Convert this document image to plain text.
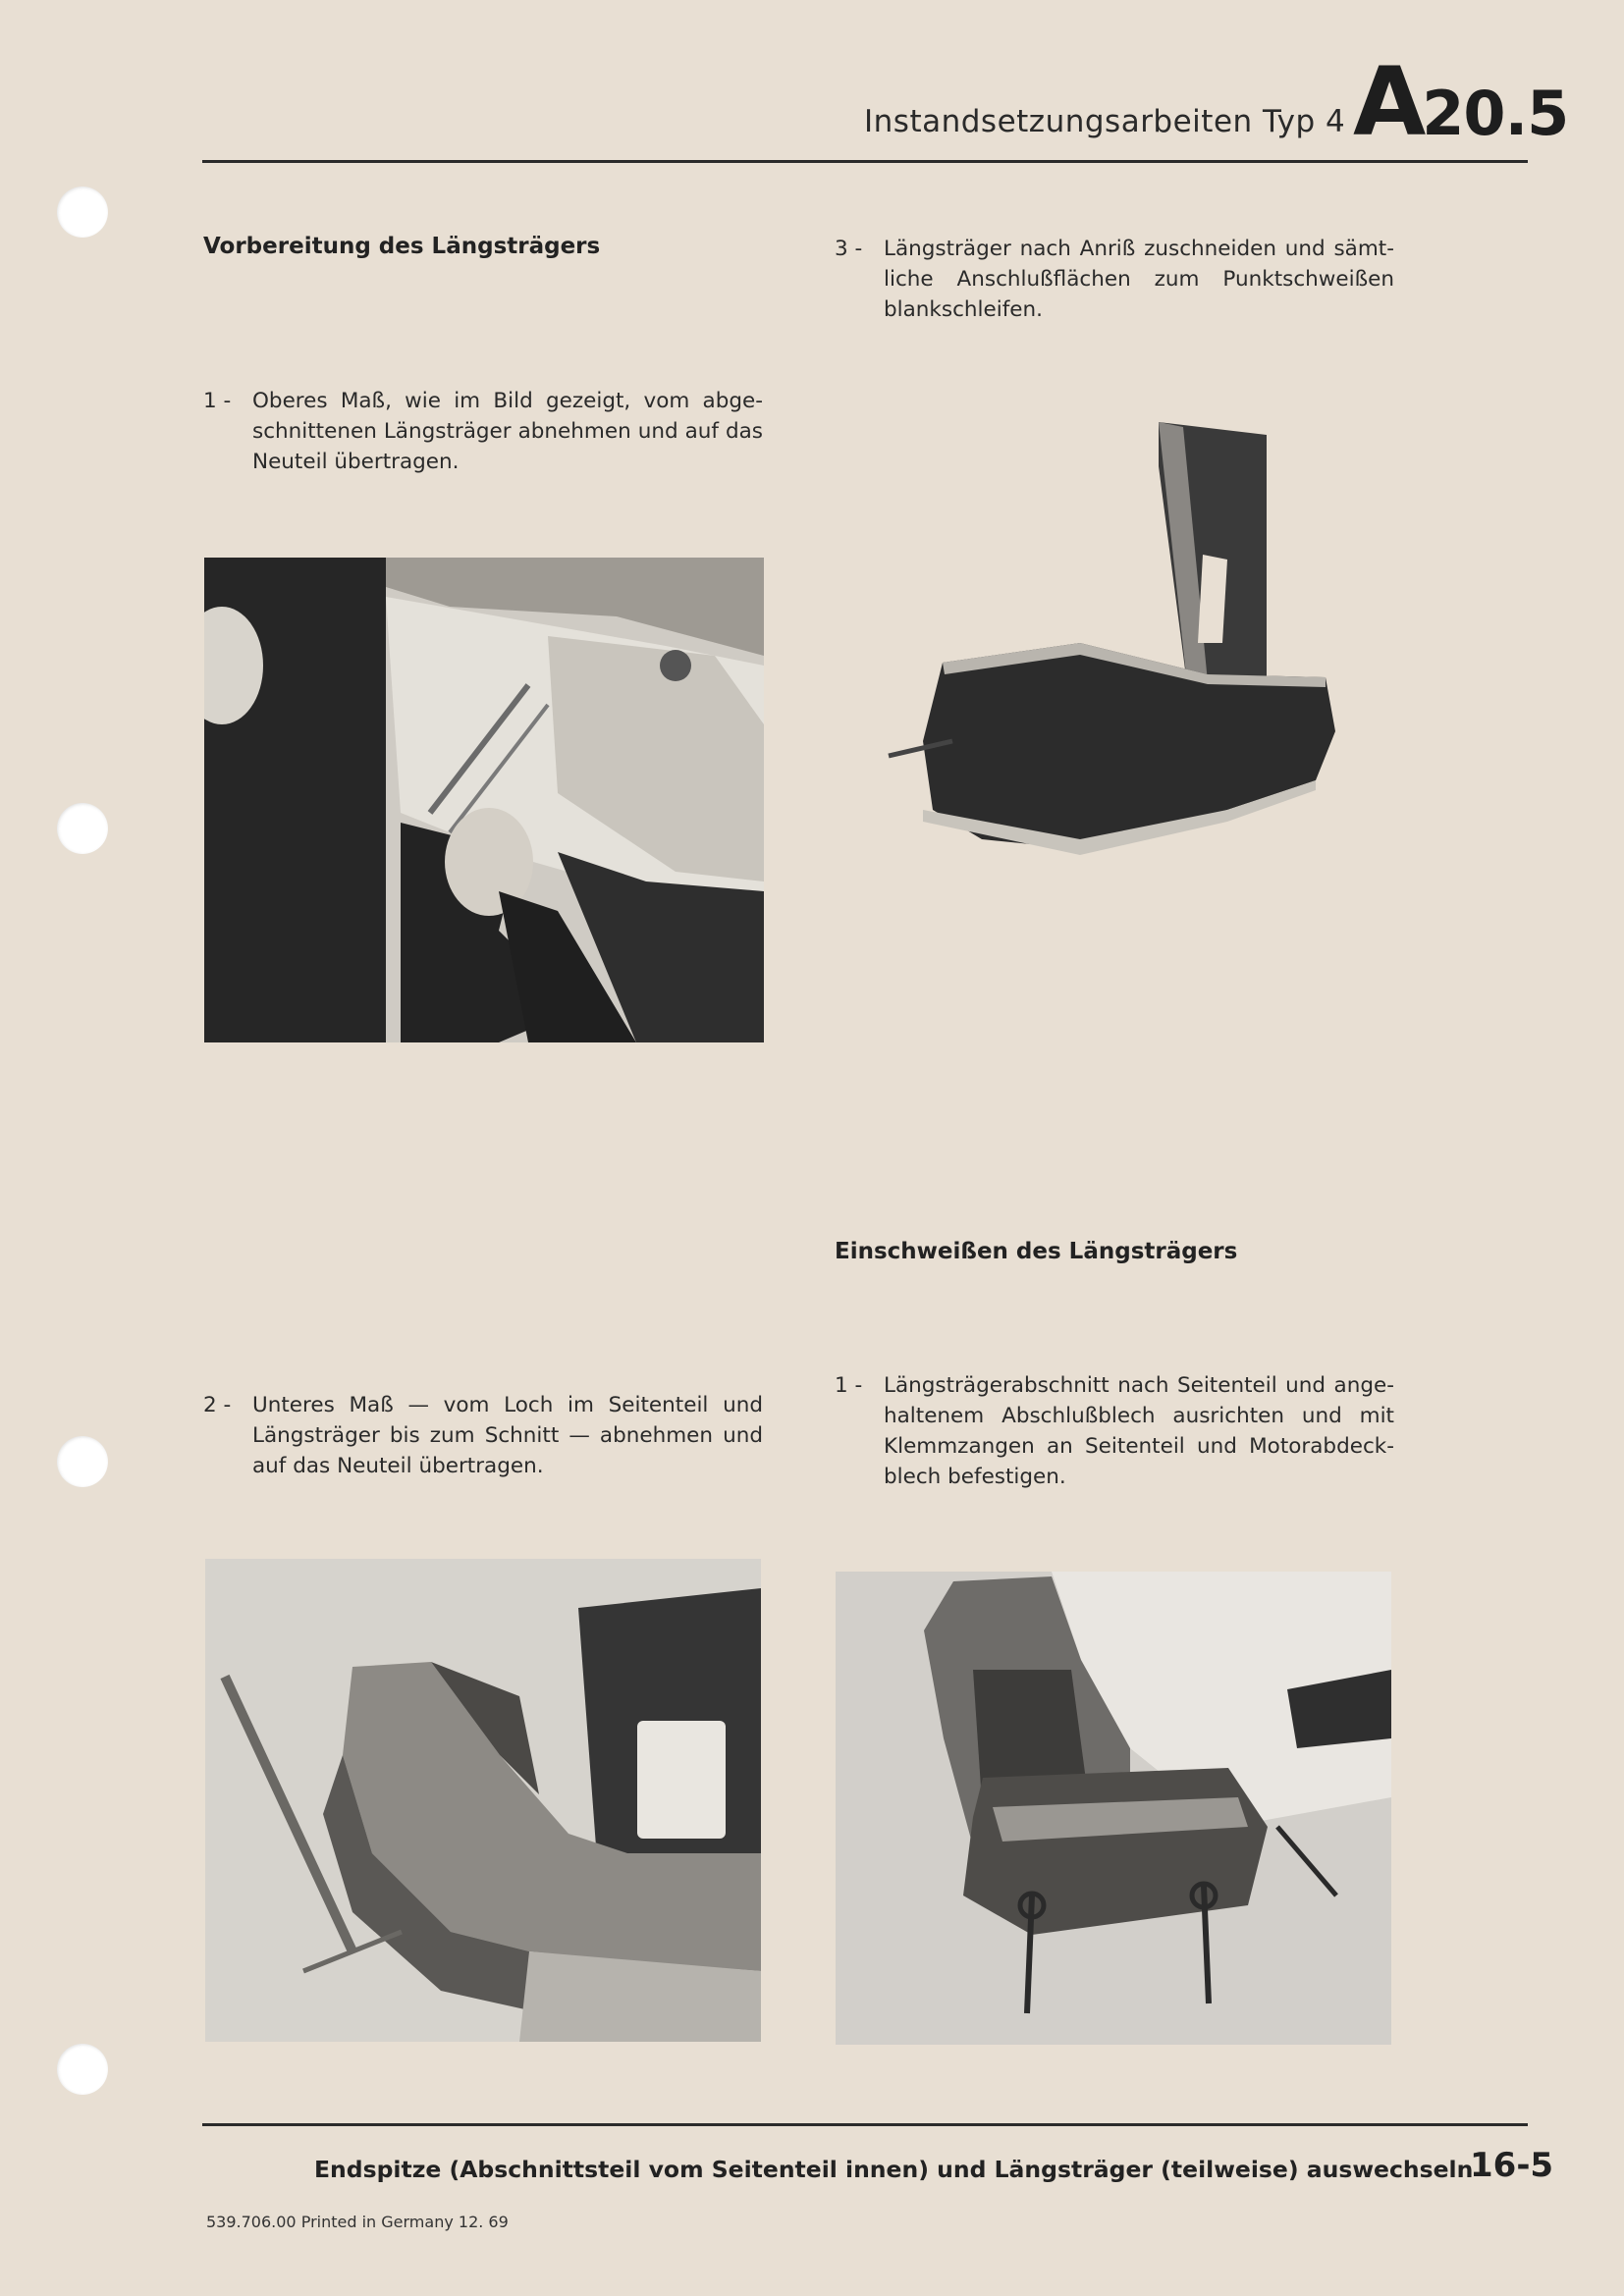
Instandsetzungsarbeiten Typ 4 A20.5
Vorbereitung des Längsträgers
1 - Oberes Maß, wie im Bild gezeigt, vom abgeschnittenen Längsträger abnehmen und auf das Neuteil übertragen.
2 - Unteres Maß — vom Loch im Seitenteil und Längsträger bis zum Schnitt — abnehmen und auf das Neuteil übertragen.
3 - Längsträger nach Anriß zuschneiden und sämtliche Anschlußflächen zum Punktschweißen blankschleifen.
Einschweißen des Längsträgers
1 - Längsträgerabschnitt nach Seitenteil und angehaltenem Abschlußblech ausrichten und mit Klemmzangen an Seitenteil und Motorabdeckblech befestigen.
Endspitze (Abschnittsteil vom Seitenteil innen) und Längsträger (teilweise) auswechseln
16-5
539.706.00 Printed in Germany 12. 69
